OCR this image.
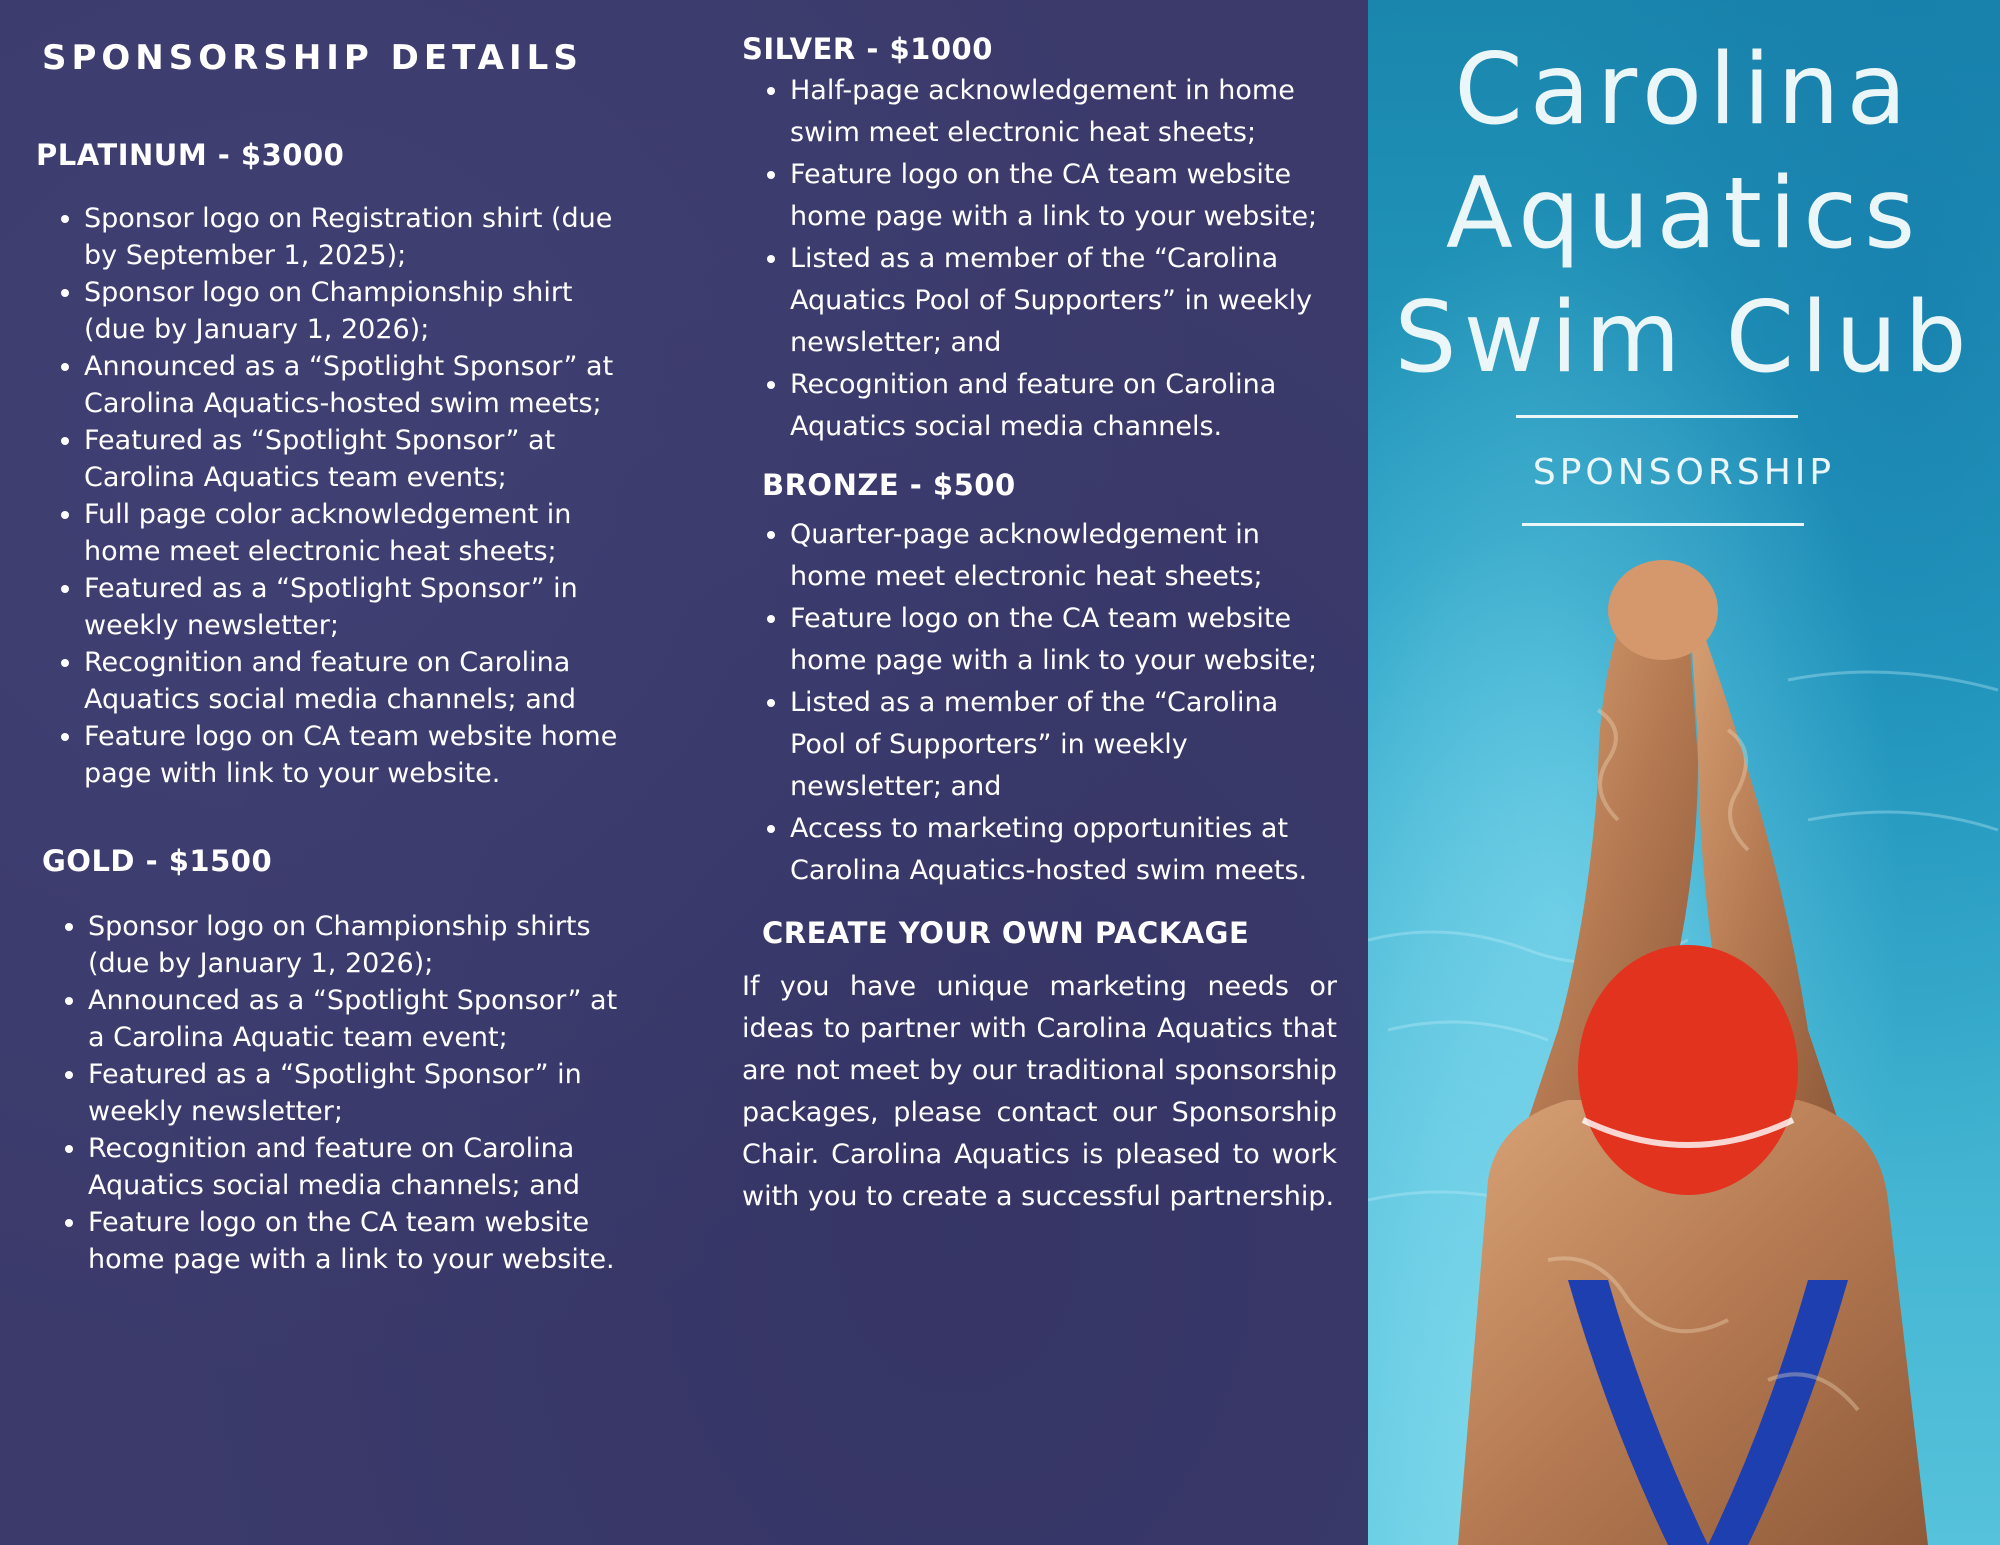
SPONSORSHIP DETAILS
PLATINUM - $3000
• Sponsor logo on Registration shirt (due by September 1, 2025);
• Sponsor logo on Championship shirt (due by January 1, 2026);
• Announced as a “Spotlight Sponsor” at Carolina Aquatics-hosted swim meets;
• Featured as “Spotlight Sponsor” at Carolina Aquatics team events;
• Full page color acknowledgement in home meet electronic heat sheets;
• Featured as a “Spotlight Sponsor” in weekly newsletter;
• Recognition and feature on Carolina Aquatics social media channels; and
• Feature logo on CA team website home page with link to your website.
GOLD - $1500
• Sponsor logo on Championship shirts (due by January 1, 2026);
• Announced as a “Spotlight Sponsor” at a Carolina Aquatic team event;
• Featured as a “Spotlight Sponsor” in weekly newsletter;
• Recognition and feature on Carolina Aquatics social media channels; and
• Feature logo on the CA team website home page with a link to your website.
SILVER - $1000
• Half-page acknowledgement in home swim meet electronic heat sheets;
• Feature logo on the CA team website home page with a link to your website;
• Listed as a member of the “Carolina Aquatics Pool of Supporters” in weekly newsletter; and
• Recognition and feature on Carolina Aquatics social media channels.
BRONZE - $500
• Quarter-page acknowledgement in home meet electronic heat sheets;
• Feature logo on the CA team website home page with a link to your website;
• Listed as a member of the “Carolina Pool of Supporters” in weekly newsletter; and
• Access to marketing opportunities at Carolina Aquatics-hosted swim meets.
CREATE YOUR OWN PACKAGE
If you have unique marketing needs or ideas to partner with Carolina Aquatics that are not meet by our traditional sponsorship packages, please contact our Sponsorship Chair. Carolina Aquatics is pleased to work with you to create a successful partnership.
Carolina
Aquatics
Swim Club
SPONSORSHIP
